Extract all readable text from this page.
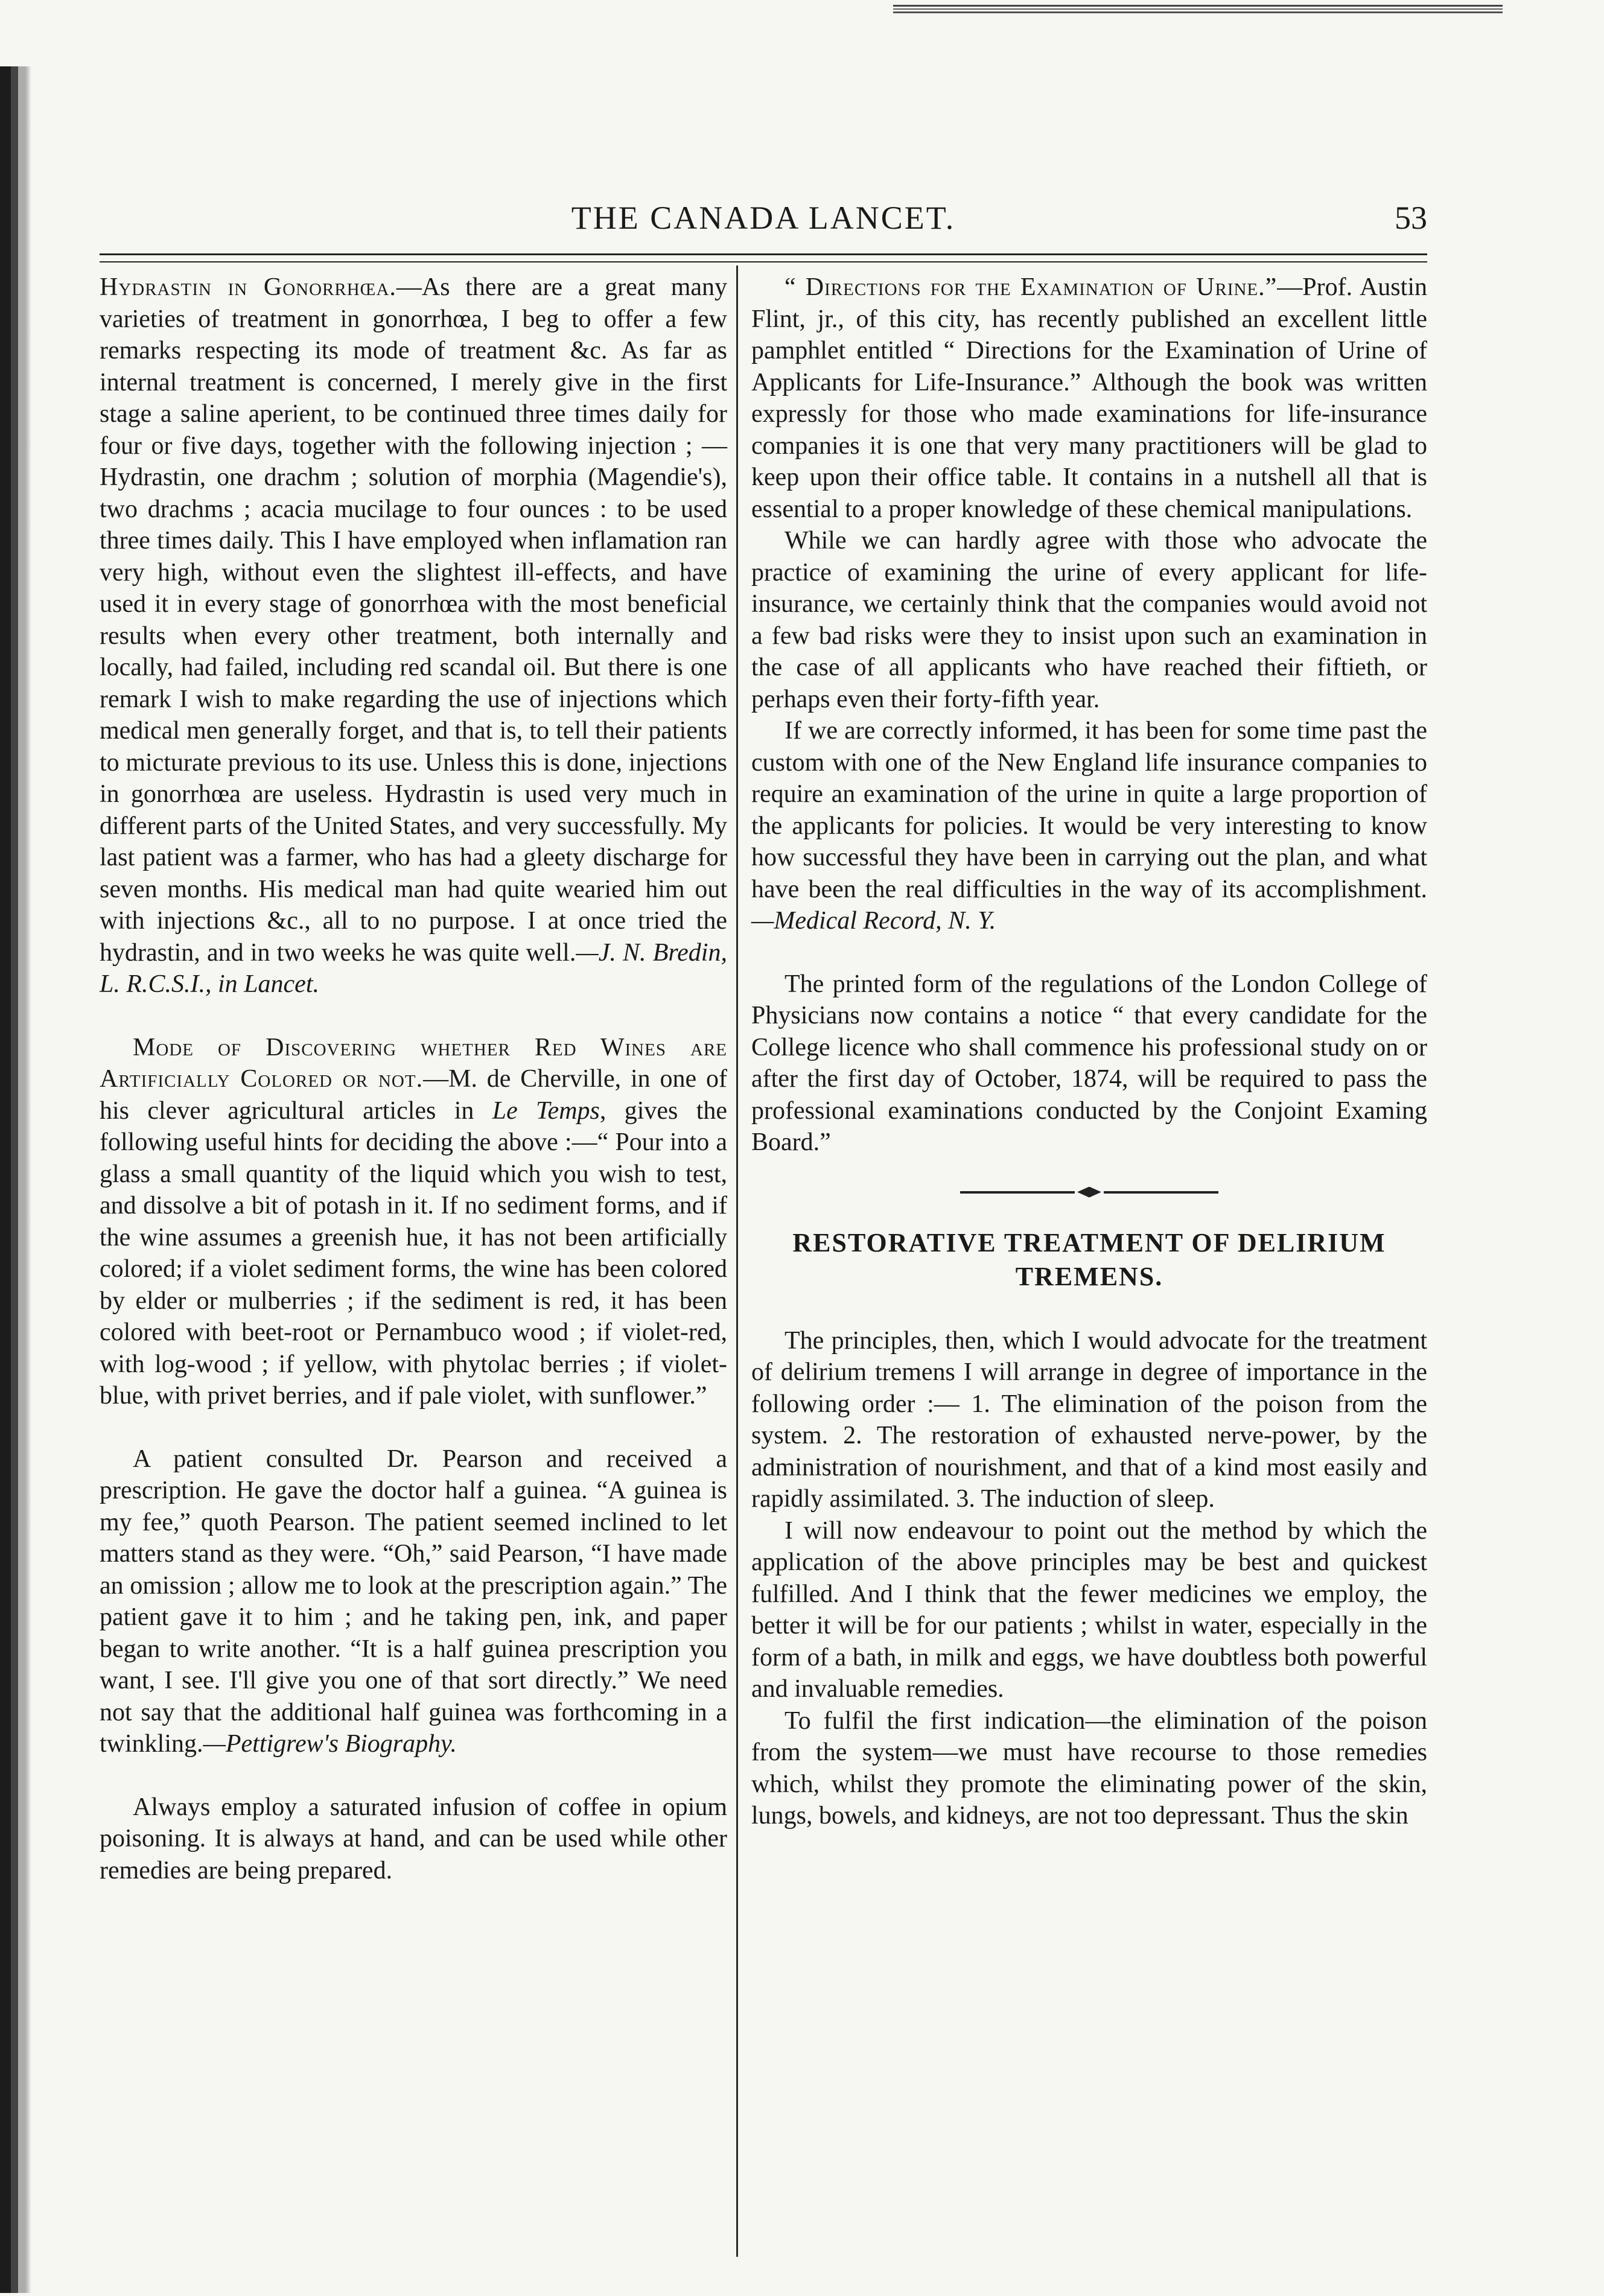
THE CANADA LANCET.	53

Hydrastin in Gonorrhœa.—As there are a great many varieties of treatment in gonorrhœa, I beg to offer a few remarks respecting its mode of treatment &c. As far as internal treatment is concerned, I merely give in the first stage a saline aperient, to be continued three times daily for four or five days, together with the following injection ; —Hydrastin, one drachm ; solution of morphia (Magendie's), two drachms ; acacia mucilage to four ounces : to be used three times daily. This I have employed when inflamation ran very high, without even the slightest ill-effects, and have used it in every stage of gonorrhœa with the most beneficial results when every other treatment, both internally and locally, had failed, including red scandal oil. But there is one remark I wish to make regarding the use of injections which medical men generally forget, and that is, to tell their patients to micturate previous to its use. Unless this is done, injections in gonorrhœa are useless. Hydrastin is used very much in different parts of the United States, and very successfully. My last patient was a farmer, who has had a gleety discharge for seven months. His medical man had quite wearied him out with injections &c., all to no purpose. I at once tried the hydrastin, and in two weeks he was quite well.—J. N. Bredin, L. R.C.S.I., in Lancet.

Mode of Discovering whether Red Wines are Artificially Colored or not.—M. de Cherville, in one of his clever agricultural articles in Le Temps, gives the following useful hints for deciding the above :—“ Pour into a glass a small quantity of the liquid which you wish to test, and dissolve a bit of potash in it. If no sediment forms, and if the wine assumes a greenish hue, it has not been artificially colored; if a violet sediment forms, the wine has been colored by elder or mulberries ; if the sediment is red, it has been colored with beet-root or Pernambuco wood ; if violet-red, with log-wood ; if yellow, with phytolac berries ; if violet-blue, with privet berries, and if pale violet, with sunflower.”

A patient consulted Dr. Pearson and received a prescription. He gave the doctor half a guinea. “A guinea is my fee,” quoth Pearson. The patient seemed inclined to let matters stand as they were. “Oh,” said Pearson, “I have made an omission ; allow me to look at the prescription again.” The patient gave it to him ; and he taking pen, ink, and paper began to write another. “It is a half guinea prescription you want, I see. I'll give you one of that sort directly.” We need not say that the additional half guinea was forthcoming in a twinkling.—Pettigrew's Biography.

Always employ a saturated infusion of coffee in opium poisoning. It is always at hand, and can be used while other remedies are being prepared.

“ Directions for the Examination of Urine.”—Prof. Austin Flint, jr., of this city, has recently published an excellent little pamphlet entitled “ Directions for the Examination of Urine of Applicants for Life-Insurance.” Although the book was written expressly for those who made examinations for life-insurance companies it is one that very many practitioners will be glad to keep upon their office table. It contains in a nutshell all that is essential to a proper knowledge of these chemical manipulations.

While we can hardly agree with those who advocate the practice of examining the urine of every applicant for life-insurance, we certainly think that the companies would avoid not a few bad risks were they to insist upon such an examination in the case of all applicants who have reached their fiftieth, or perhaps even their forty-fifth year.

If we are correctly informed, it has been for some time past the custom with one of the New England life insurance companies to require an examination of the urine in quite a large proportion of the applicants for policies. It would be very interesting to know how successful they have been in carrying out the plan, and what have been the real difficulties in the way of its accomplishment. —Medical Record, N. Y.

The printed form of the regulations of the London College of Physicians now contains a notice “ that every candidate for the College licence who shall commence his professional study on or after the first day of October, 1874, will be required to pass the professional examinations conducted by the Conjoint Examing Board.”

RESTORATIVE TREATMENT OF DELIRIUM TREMENS.

The principles, then, which I would advocate for the treatment of delirium tremens I will arrange in degree of importance in the following order :— 1. The elimination of the poison from the system. 2. The restoration of exhausted nerve-power, by the administration of nourishment, and that of a kind most easily and rapidly assimilated. 3. The induction of sleep.

I will now endeavour to point out the method by which the application of the above principles may be best and quickest fulfilled. And I think that the fewer medicines we employ, the better it will be for our patients ; whilst in water, especially in the form of a bath, in milk and eggs, we have doubtless both powerful and invaluable remedies.

To fulfil the first indication—the elimination of the poison from the system—we must have recourse to those remedies which, whilst they promote the eliminating power of the skin, lungs, bowels, and kidneys, are not too depressant. Thus the skin
